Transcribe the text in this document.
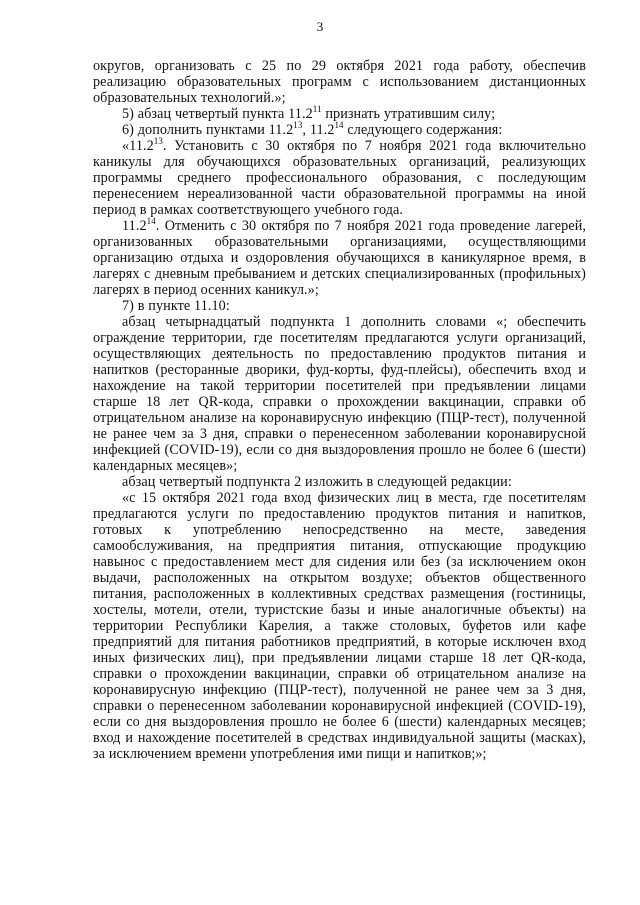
3

округов, организовать с 25 по 29 октября 2021 года работу, обеспечив реализацию образовательных программ с использованием дистанционных образовательных технологий.»;

5) абзац четвертый пункта 11.2$^{11}$ признать утратившим силу;

6) дополнить пунктами 11.2$^{13}$, 11.2$^{14}$ следующего содержания:

«11.2$^{13}$. Установить с 30 октября по 7 ноября 2021 года включительно каникулы для обучающихся образовательных организаций, реализующих программы среднего профессионального образования, с последующим перенесением нереализованной части образовательной программы на иной период в рамках соответствующего учебного года.

11.2$^{14}$. Отменить с 30 октября по 7 ноября 2021 года проведение лагерей, организованных образовательными организациями, осуществляющими организацию отдыха и оздоровления обучающихся в каникулярное время, в лагерях с дневным пребыванием и детских специализированных (профильных) лагерях в период осенних каникул.»;

7) в пункте 11.10:

абзац четырнадцатый подпункта 1 дополнить словами «; обеспечить ограждение территории, где посетителям предлагаются услуги организаций, осуществляющих деятельность по предоставлению продуктов питания и напитков (ресторанные дворики, фуд-корты, фуд-плейсы), обеспечить вход и нахождение на такой территории посетителей при предъявлении лицами старше 18 лет QR-кода, справки о прохождении вакцинации, справки об отрицательном анализе на коронавирусную инфекцию (ПЦР-тест), полученной не ранее чем за 3 дня, справки о перенесенном заболевании коронавирусной инфекцией (COVID-19), если со дня выздоровления прошло не более 6 (шести) календарных месяцев»;

абзац четвертый подпункта 2 изложить в следующей редакции:

«с 15 октября 2021 года вход физических лиц в места, где посетителям предлагаются услуги по предоставлению продуктов питания и напитков, готовых к употреблению непосредственно на месте, заведения самообслуживания, на предприятия питания, отпускающие продукцию навынос с предоставлением мест для сидения или без (за исключением окон выдачи, расположенных на открытом воздухе; объектов общественного питания, расположенных в коллективных средствах размещения (гостиницы, хостелы, мотели, отели, туристские базы и иные аналогичные объекты) на территории Республики Карелия, а также столовых, буфетов или кафе предприятий для питания работников предприятий, в которые исключен вход иных физических лиц), при предъявлении лицами старше 18 лет QR-кода, справки о прохождении вакцинации, справки об отрицательном анализе на коронавирусную инфекцию (ПЦР-тест), полученной не ранее чем за 3 дня, справки о перенесенном заболевании коронавирусной инфекцией (COVID-19), если со дня выздоровления прошло не более 6 (шести) календарных месяцев; вход и нахождение посетителей в средствах индивидуальной защиты (масках), за исключением времени употребления ими пищи и напитков;»;
